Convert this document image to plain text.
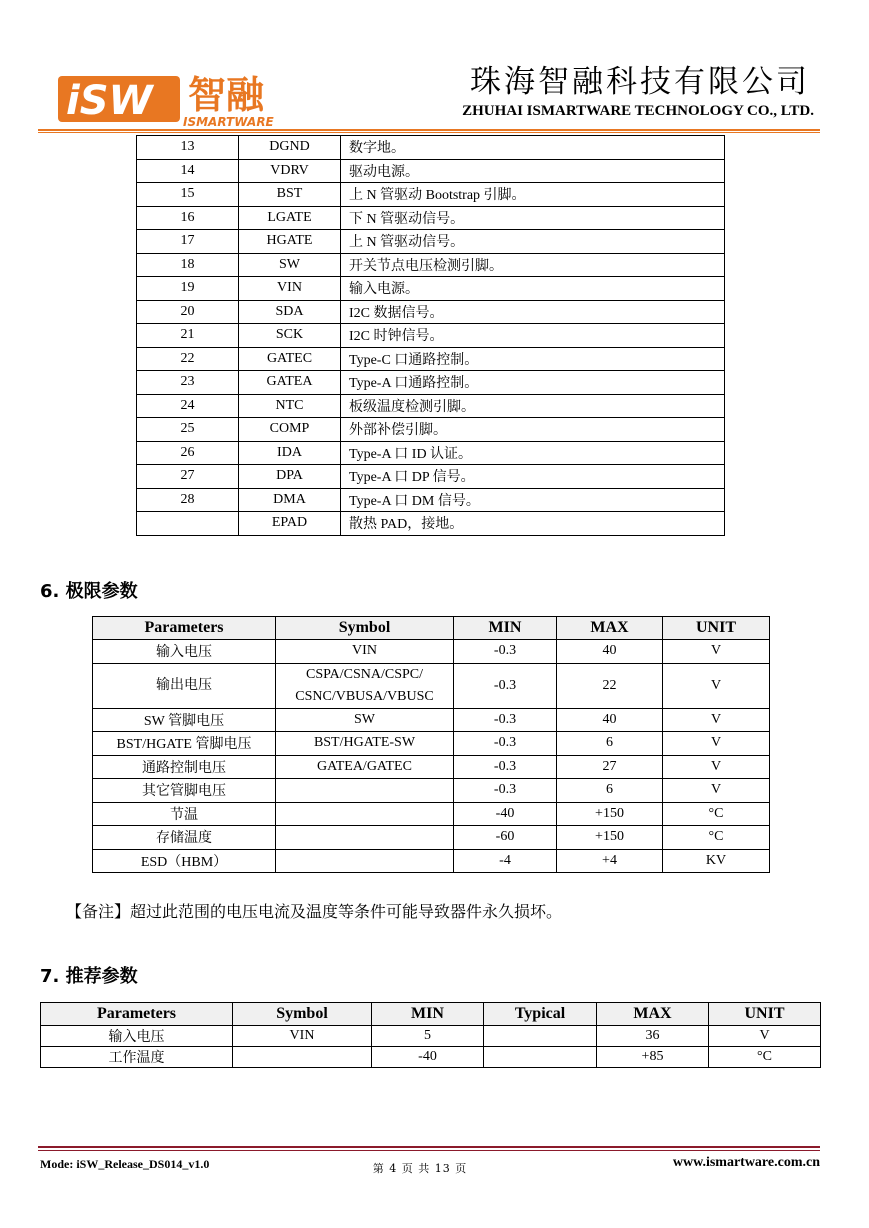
iSW 智融
ISMARTWARE
珠海智融科技有限公司
ZHUHAI ISMARTWARE TECHNOLOGY CO., LTD.
13	DGND	数字地。
14	VDRV	驱动电源。
15	BST	上 N 管驱动 Bootstrap 引脚。
16	LGATE	下 N 管驱动信号。
17	HGATE	上 N 管驱动信号。
18	SW	开关节点电压检测引脚。
19	VIN	输入电源。
20	SDA	I2C 数据信号。
21	SCK	I2C 时钟信号。
22	GATEC	Type-C 口通路控制。
23	GATEA	Type-A 口通路控制。
24	NTC	板级温度检测引脚。
25	COMP	外部补偿引脚。
26	IDA	Type-A 口 ID 认证。
27	DPA	Type-A 口 DP 信号。
28	DMA	Type-A 口 DM 信号。
	EPAD	散热 PAD，接地。
6. 极限参数
Parameters	Symbol	MIN	MAX	UNIT
输入电压	VIN	-0.3	40	V
输出电压	CSPA/CSNA/CSPC/
CSNC/VBUSA/VBUSC	-0.3	22	V
SW 管脚电压	SW	-0.3	40	V
BST/HGATE 管脚电压	BST/HGATE-SW	-0.3	6	V
通路控制电压	GATEA/GATEC	-0.3	27	V
其它管脚电压		-0.3	6	V
节温		-40	+150	°C
存储温度		-60	+150	°C
ESD（HBM）		-4	+4	KV
【备注】超过此范围的电压电流及温度等条件可能导致器件永久损坏。
7. 推荐参数
Parameters	Symbol	MIN	Typical	MAX	UNIT
输入电压	VIN	5		36	V
工作温度		-40		+85	°C
Mode: iSW_Release_DS014_v1.0	第 4 页 共 13 页	www.ismartware.com.cn
